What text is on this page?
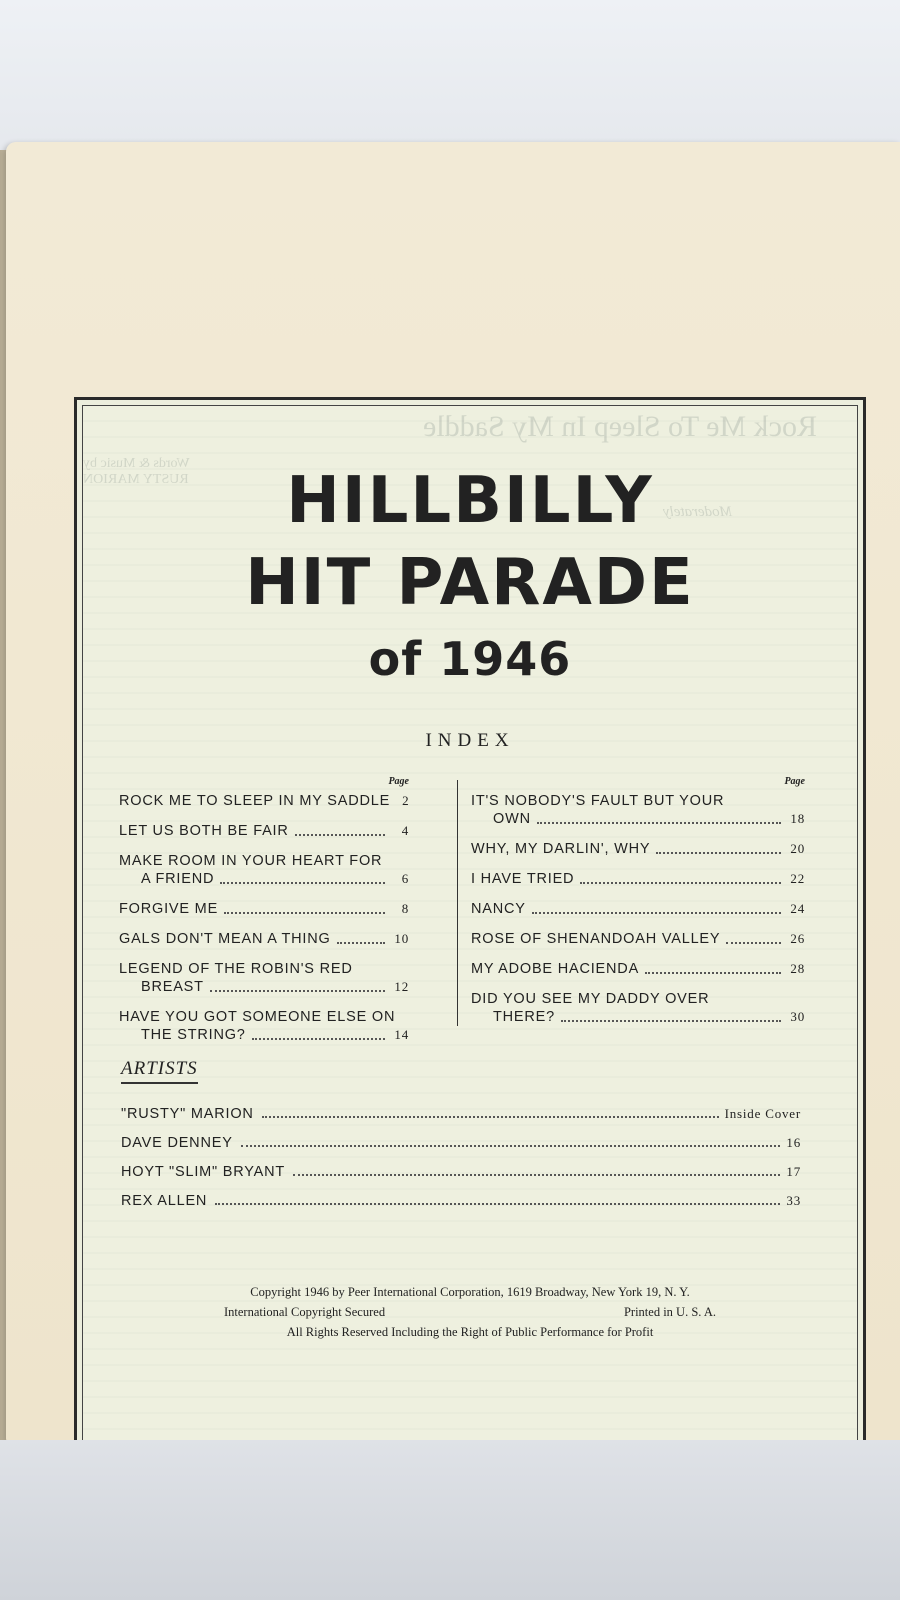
Rock Me To Sleep In My Saddle
Words & Music by
RUSTY MARION
Moderately
HILLBILLY
HIT PARADE
of 1946
INDEX
Page
ROCK ME TO SLEEP IN MY SADDLE 2
LET US BOTH BE FAIR	4
MAKE ROOM IN YOUR HEART FOR
A FRIEND	6
FORGIVE ME	8
GALS DON'T MEAN A THING	10
LEGEND OF THE ROBIN'S RED
BREAST	12
HAVE YOU GOT SOMEONE ELSE ON
THE STRING?	14
Page
IT'S NOBODY'S FAULT BUT YOUR
OWN	18
WHY, MY DARLIN', WHY	20
I HAVE TRIED	22
NANCY	24
ROSE OF SHENANDOAH VALLEY	26
MY ADOBE HACIENDA	28
DID YOU SEE MY DADDY OVER
THERE?	30
ARTISTS
"RUSTY" MARION	Inside Cover
DAVE DENNEY	16
HOYT "SLIM" BRYANT	17
REX ALLEN	33
Copyright 1946 by Peer International Corporation, 1619 Broadway, New York 19, N. Y.
International Copyright Secured	Printed in U. S. A.
All Rights Reserved Including the Right of Public Performance for Profit
